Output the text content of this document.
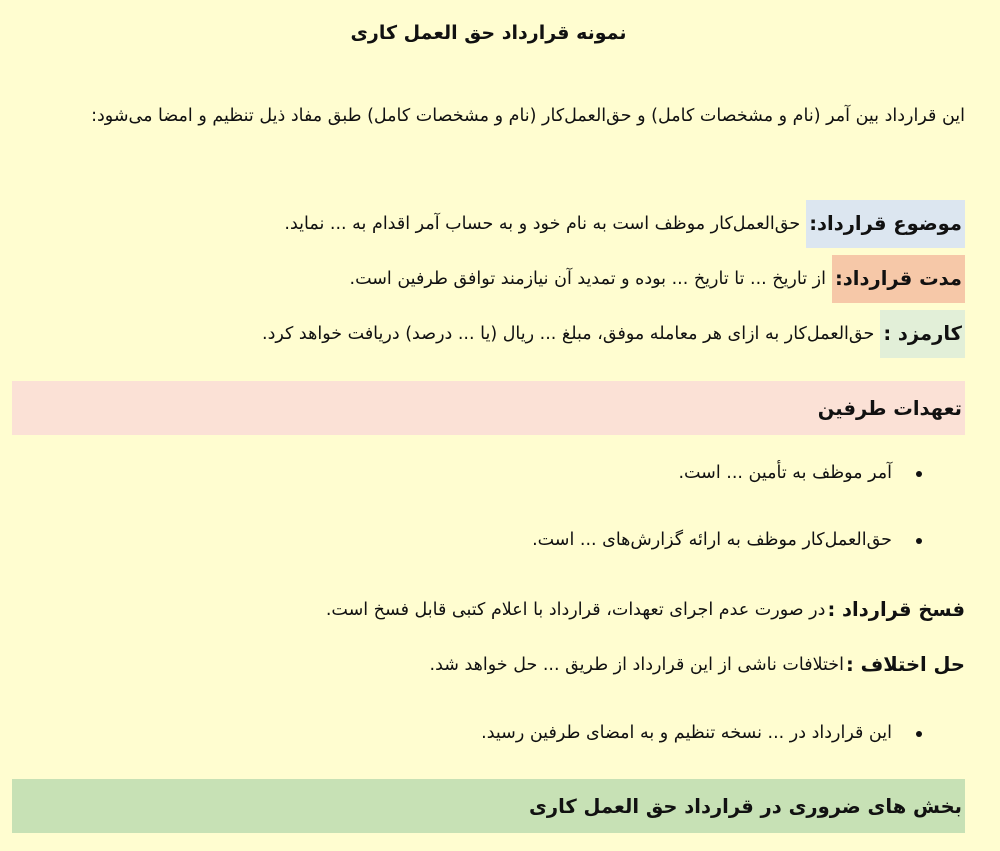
نمونه قرارداد حق العمل کاری
این قرارداد بین آمر (نام و مشخصات کامل) و حق‌العمل‌کار (نام و مشخصات کامل) طبق مفاد ذیل تنظیم و امضا می‌شود:
موضوع قرارداد:
حق‌العمل‌کار موظف است به نام خود و به حساب آمر اقدام به ... نماید.
مدت قرارداد:
از تاریخ ... تا تاریخ ... بوده و تمدید آن نیازمند توافق طرفین است.
کارمزد :
حق‌العمل‌کار به ازای هر معامله موفق، مبلغ ... ریال (یا ... درصد) دریافت خواهد کرد.
تعهدات طرفین
آمر موظف به تأمین ... است.
حق‌العمل‌کار موظف به ارائه گزارش‌های ... است.
فسخ قرارداد :
در صورت عدم اجرای تعهدات، قرارداد با اعلام کتبی قابل فسخ است.
حل اختلاف :
اختلافات ناشی از این قرارداد از طریق ... حل خواهد شد.
این قرارداد در ... نسخه تنظیم و به امضای طرفین رسید.
بخش های ضروری در قرارداد حق العمل کاری
